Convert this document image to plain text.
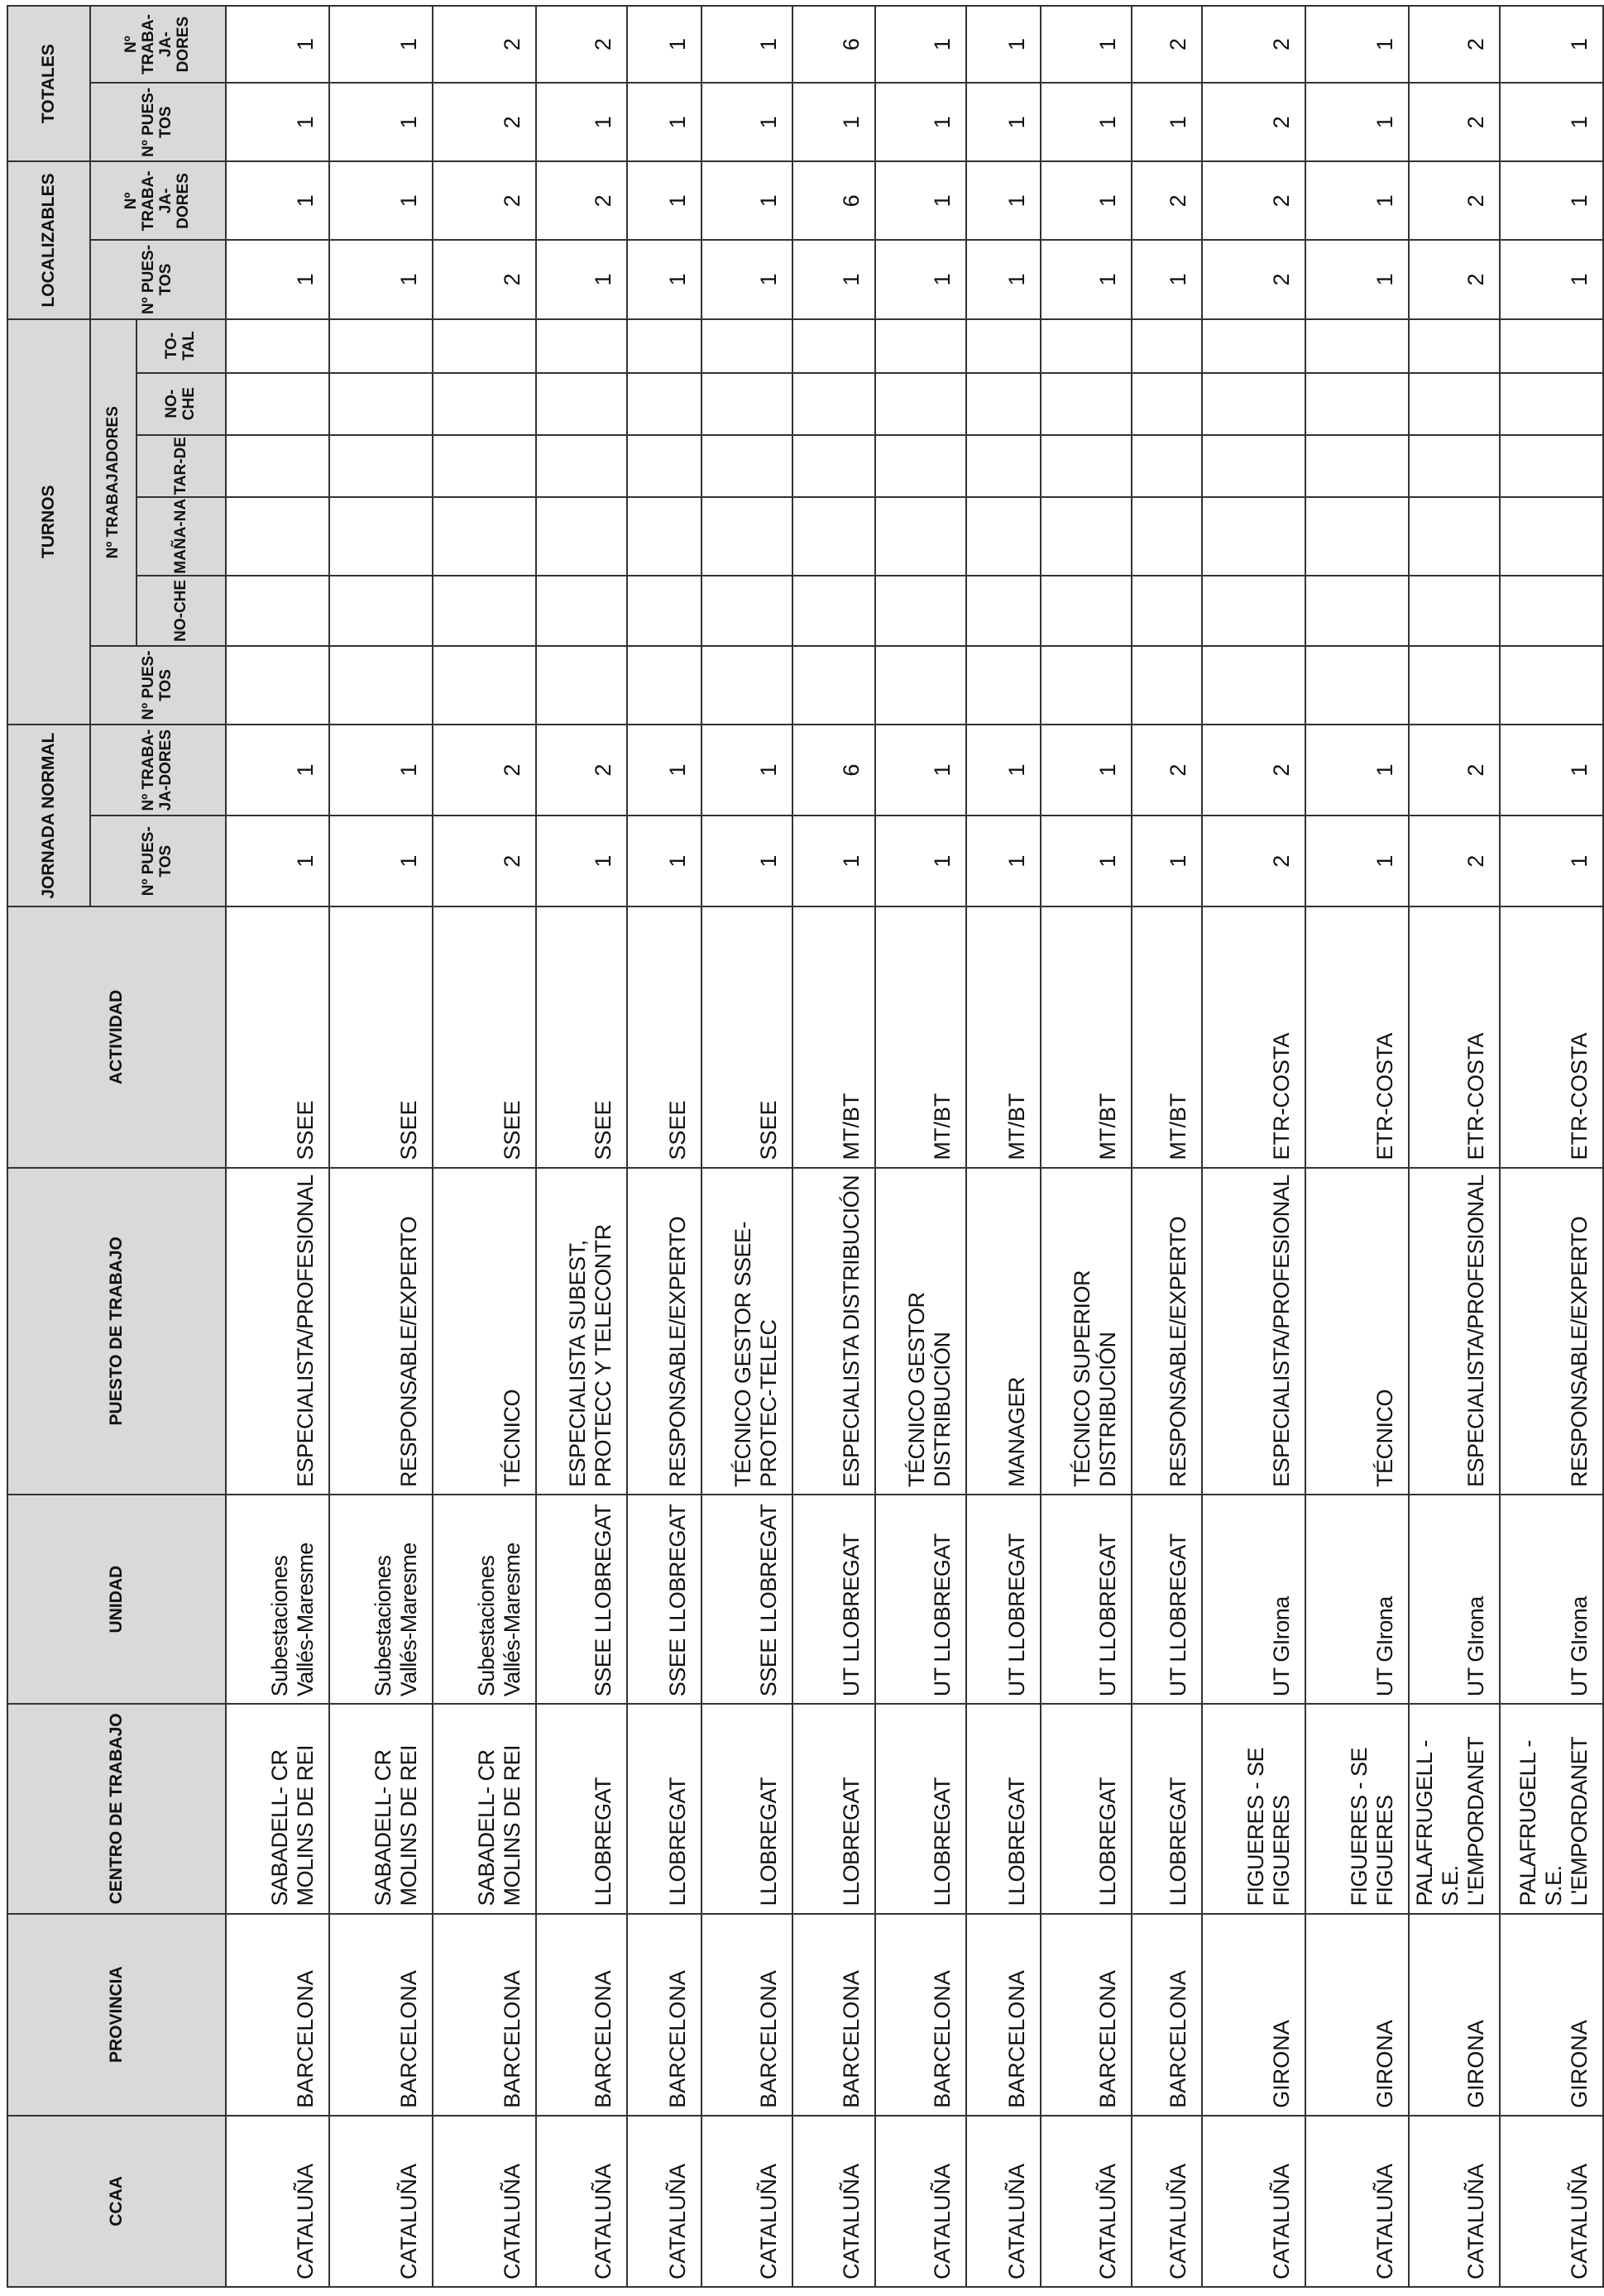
CCAA	PROVINCIA	CENTRO DE TRABAJO	UNIDAD	PUESTO DE TRABAJO	ACTIVIDAD	JORNADA NORMAL		TURNOS						LOCALIZABLES		TOTALES	
						Nº PUES-TOS	Nº TRABA-JA-DORES	Nº PUES-TOS	Nº TRABAJADORES					Nº PUES-TOS	Nº TRABA-JA-DORES	Nº PUES-TOS	Nº TRABA-JA-DORES
									NO-CHE	MAÑA-NA	TAR-DE	NO-CHE	TO-TAL				
CATALUÑA	BARCELONA	SABADELL- CR MOLINS DE REI	Subestaciones Vallés-Maresme	ESPECIALISTA/PROFESIONAL	SSEE	1	1							1	1	1	1
CATALUÑA	BARCELONA	SABADELL- CR MOLINS DE REI	Subestaciones Vallés-Maresme	RESPONSABLE/EXPERTO	SSEE	1	1							1	1	1	1
CATALUÑA	BARCELONA	SABADELL- CR MOLINS DE REI	Subestaciones Vallés-Maresme	TÉCNICO	SSEE	2	2							2	2	2	2
CATALUÑA	BARCELONA	LLOBREGAT	SSEE LLOBREGAT	ESPECIALISTA SUBEST, PROTECC Y TELECONTR	SSEE	1	2							1	2	1	2
CATALUÑA	BARCELONA	LLOBREGAT	SSEE LLOBREGAT	RESPONSABLE/EXPERTO	SSEE	1	1							1	1	1	1
CATALUÑA	BARCELONA	LLOBREGAT	SSEE LLOBREGAT	TÉCNICO GESTOR SSEE-PROTEC-TELEC	SSEE	1	1							1	1	1	1
CATALUÑA	BARCELONA	LLOBREGAT	UT LLOBREGAT	ESPECIALISTA DISTRIBUCIÓN	MT/BT	1	6							1	6	1	6
CATALUÑA	BARCELONA	LLOBREGAT	UT LLOBREGAT	TÉCNICO GESTOR DISTRIBUCIÓN	MT/BT	1	1							1	1	1	1
CATALUÑA	BARCELONA	LLOBREGAT	UT LLOBREGAT	MANAGER	MT/BT	1	1							1	1	1	1
CATALUÑA	BARCELONA	LLOBREGAT	UT LLOBREGAT	TÉCNICO SUPERIOR DISTRIBUCIÓN	MT/BT	1	1							1	1	1	1
CATALUÑA	BARCELONA	LLOBREGAT	UT LLOBREGAT	RESPONSABLE/EXPERTO	MT/BT	1	2							1	2	1	2
CATALUÑA	GIRONA	FIGUERES - SE FIGUERES	UT GIrona	ESPECIALISTA/PROFESIONAL	ETR-COSTA	2	2							2	2	2	2
CATALUÑA	GIRONA	FIGUERES - SE FIGUERES	UT GIrona	TÉCNICO	ETR-COSTA	1	1							1	1	1	1
CATALUÑA	GIRONA	PALAFRUGELL - S.E. L'EMPORDANET	UT GIrona	ESPECIALISTA/PROFESIONAL	ETR-COSTA	2	2							2	2	2	2
CATALUÑA	GIRONA	PALAFRUGELL - S.E. L'EMPORDANET	UT GIrona	RESPONSABLE/EXPERTO	ETR-COSTA	1	1							1	1	1	1
